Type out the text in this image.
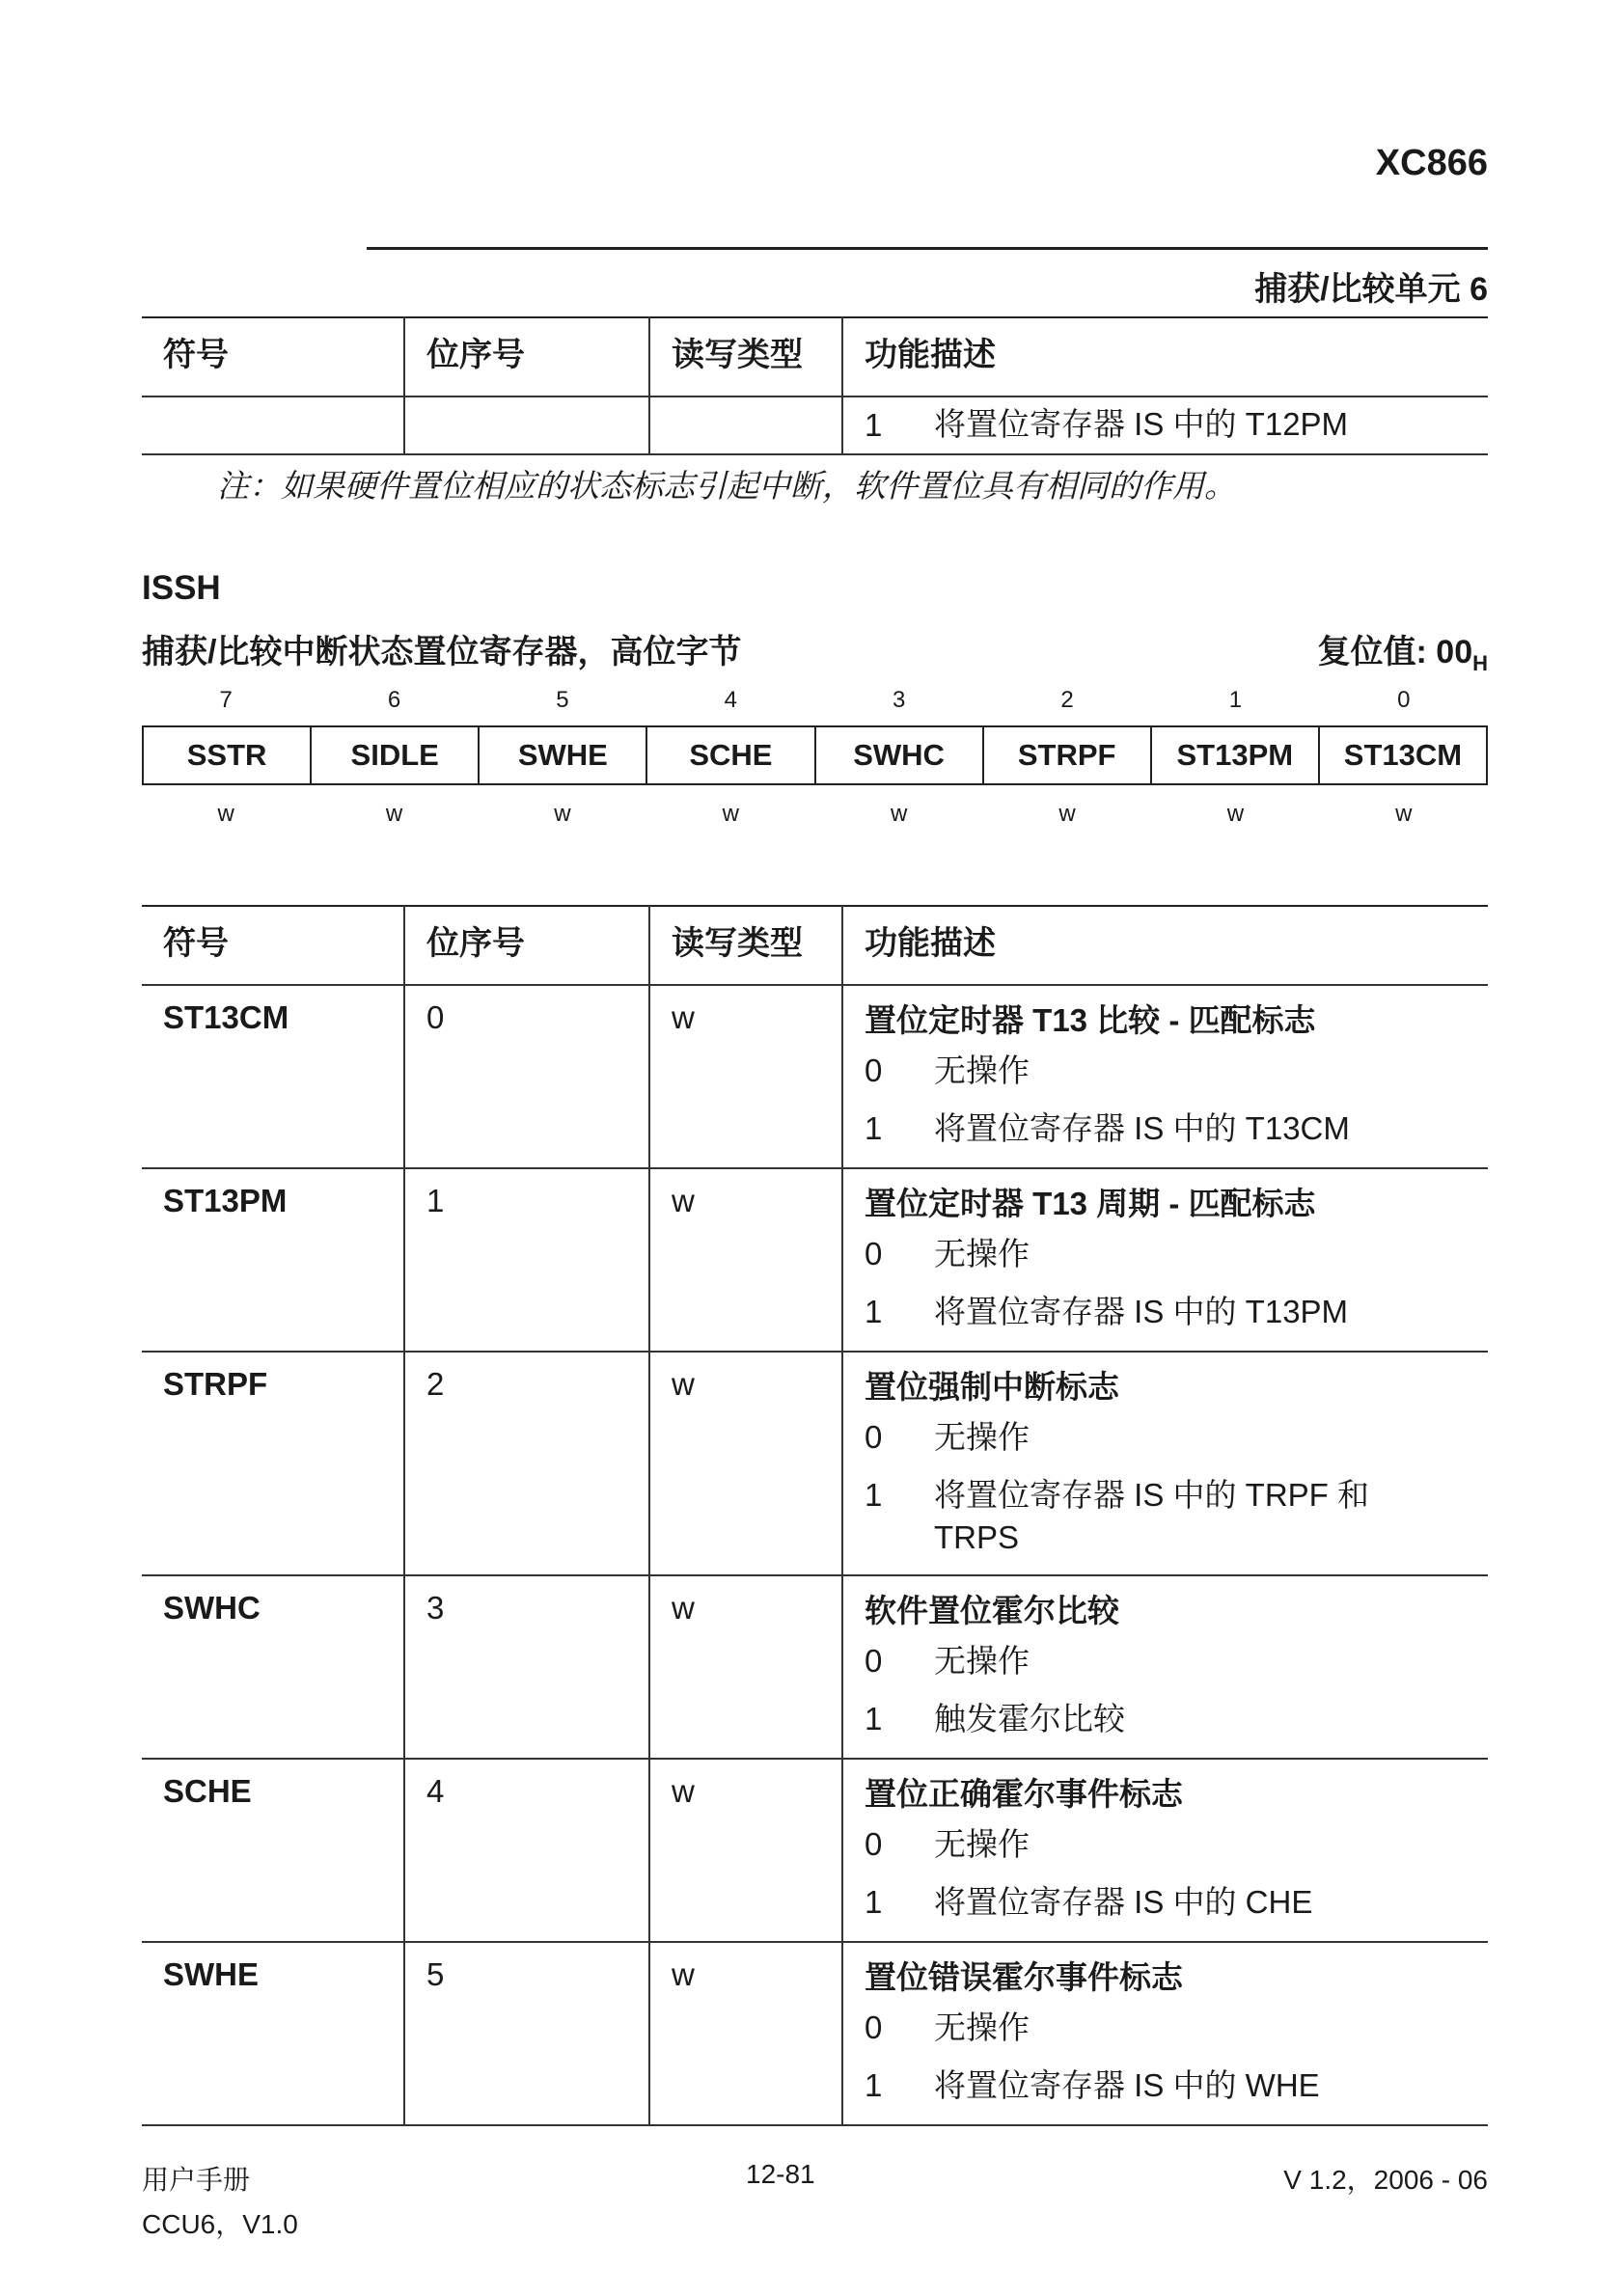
XC866
捕获/比较单元 6
符号	位序号	读写类型	功能描述

			1 将置位寄存器 IS 中的 T12PM
注：如果硬件置位相应的状态标志引起中断，软件置位具有相同的作用。
ISSH
捕获/比较中断状态置位寄存器，高位字节	复位值: $00_H$
7	6	5	4	3	2	1	0
SSTR	SIDLE	SWHE	SCHE	SWHC	STRPF	ST13PM	ST13CM
w	w	w	w	w	w	w	w
符号	位序号	读写类型	功能描述
ST13CM	0	w	置位定时器 T13 比较 - 匹配标志
0 无操作
1 将置位寄存器 IS 中的 T13CM

ST13PM	1	w	置位定时器 T13 周期 - 匹配标志
0 无操作
1 将置位寄存器 IS 中的 T13PM

STRPF	2	w	置位强制中断标志
0 无操作
1 将置位寄存器 IS 中的 TRPF 和 TRPS

SWHC	3	w	软件置位霍尔比较
0 无操作
1 触发霍尔比较

SCHE	4	w	置位正确霍尔事件标志
0 无操作
1 将置位寄存器 IS 中的 CHE

SWHE	5	w	置位错误霍尔事件标志
0 无操作
1 将置位寄存器 IS 中的 WHE
用户手册
CCU6，V1.0
12-81	V 1.2，2006 - 06
